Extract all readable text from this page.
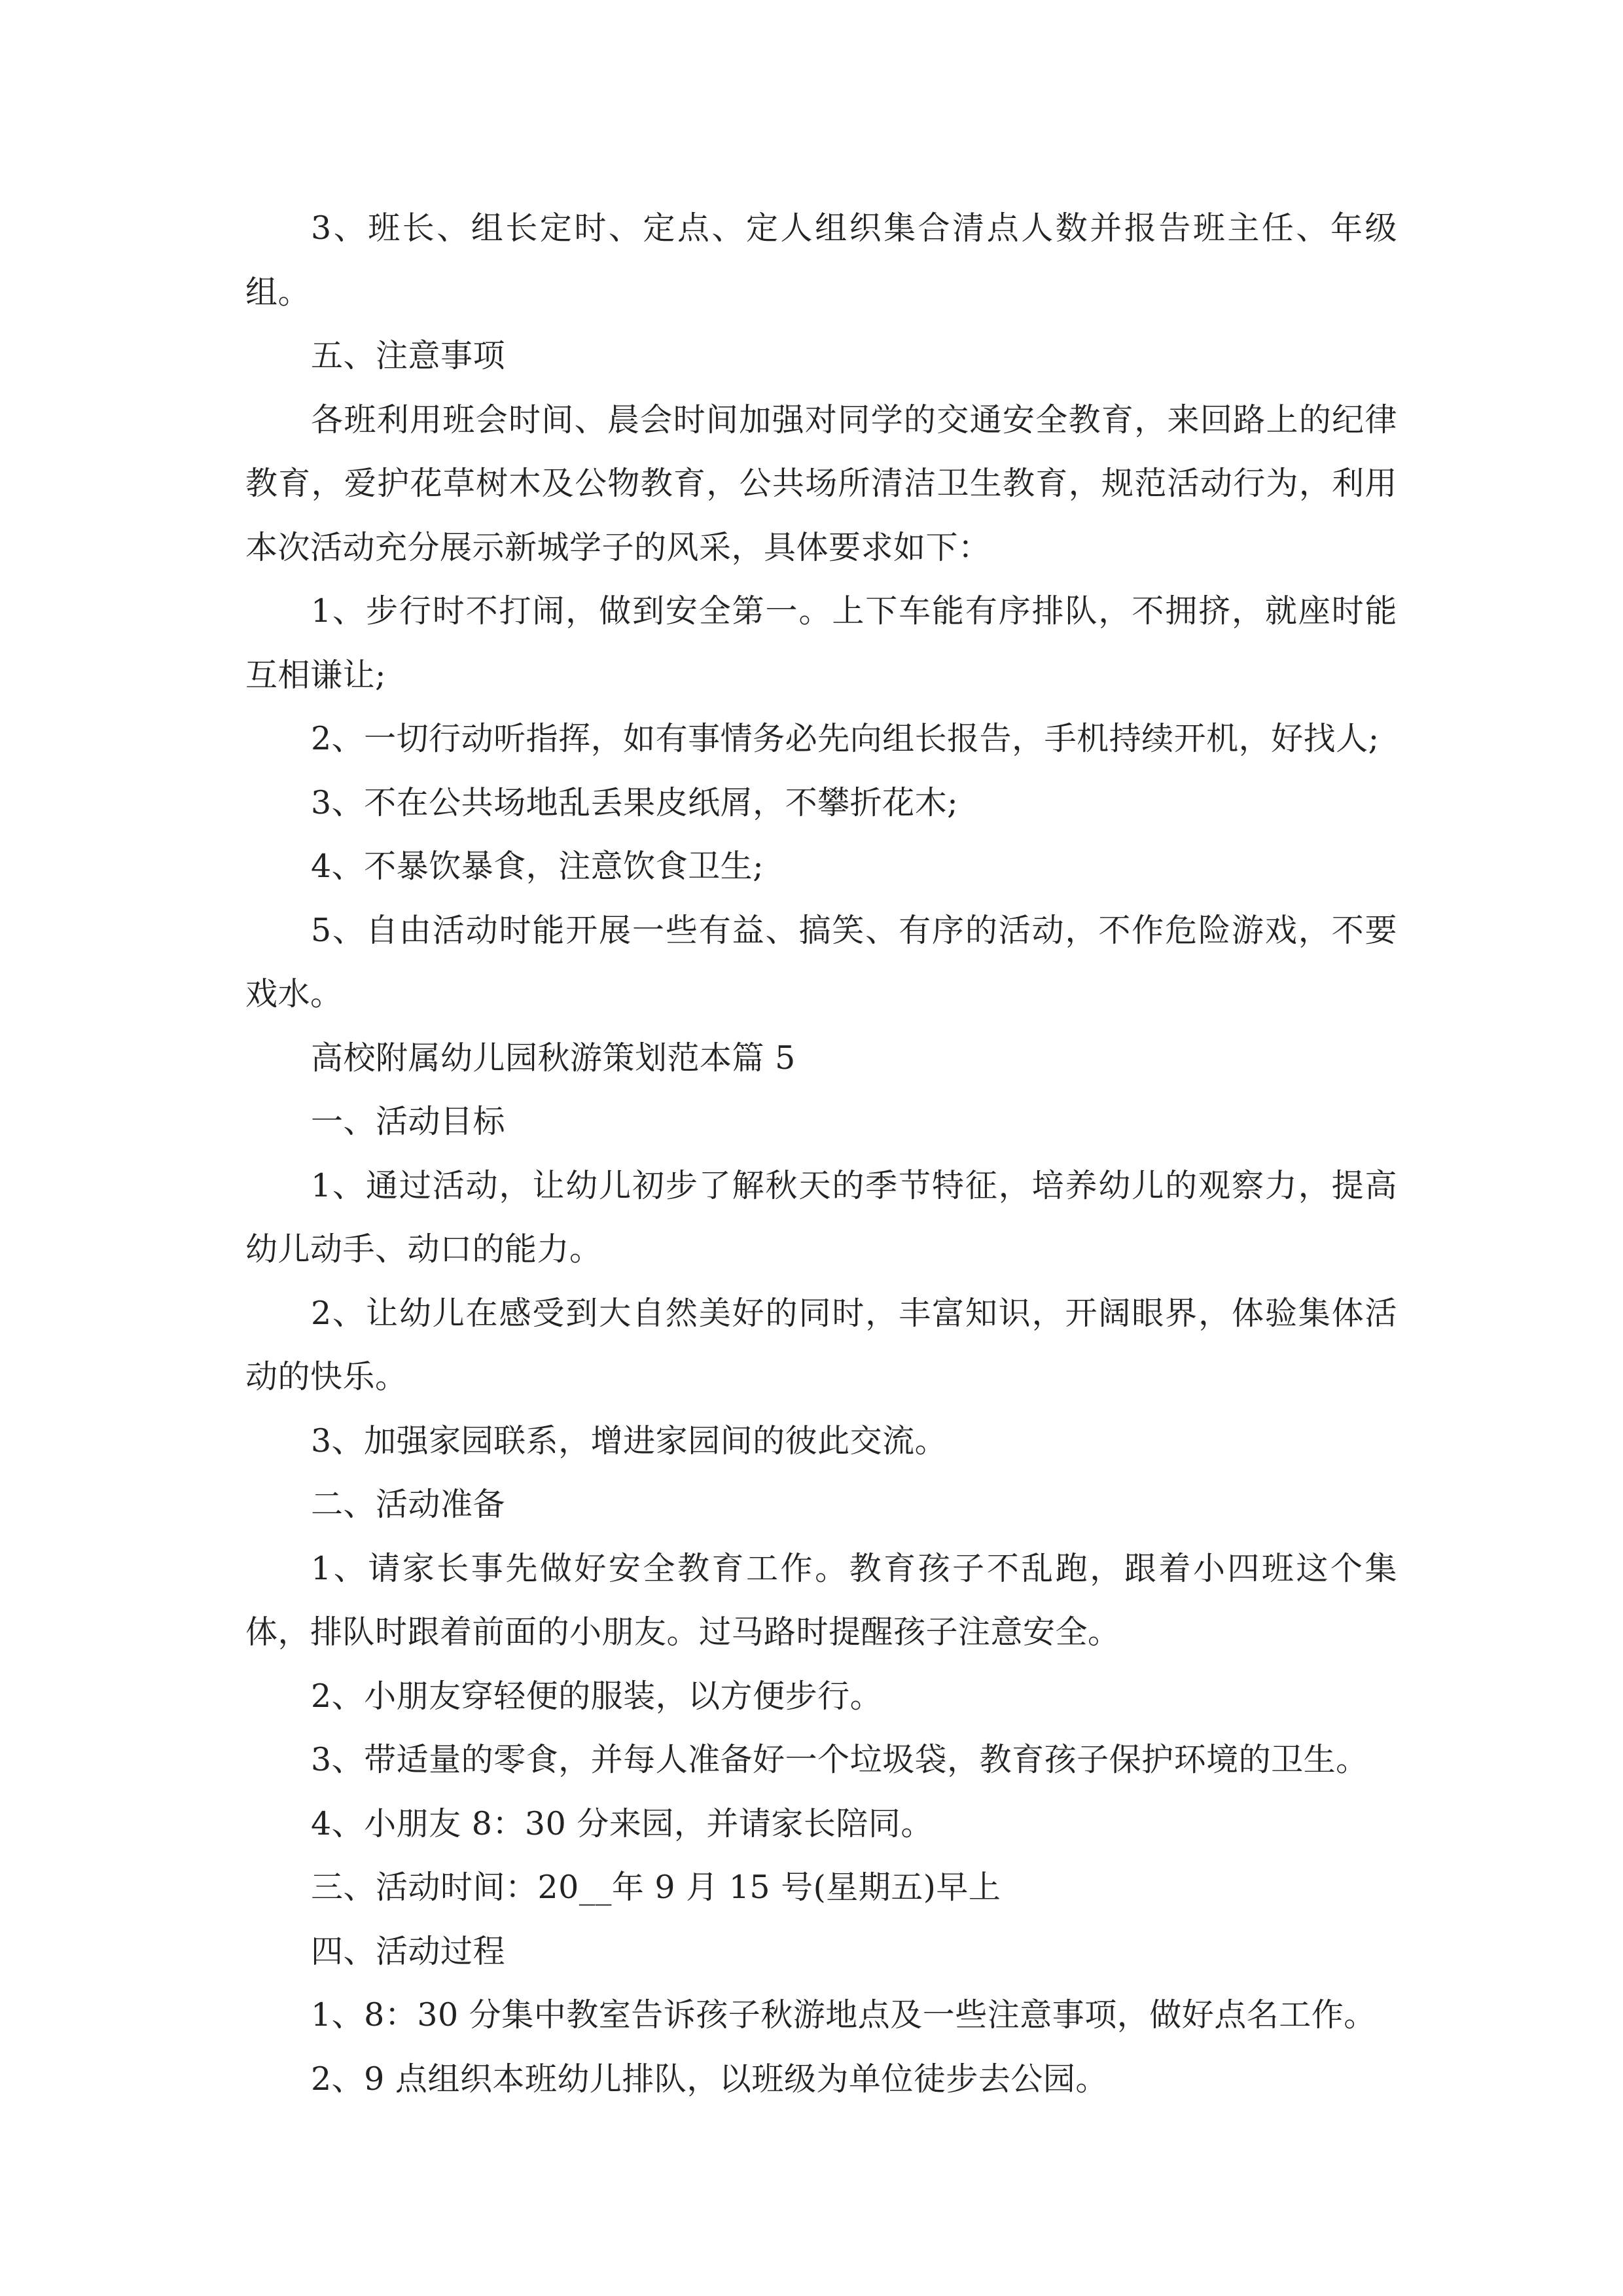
3、班长、组长定时、定点、定人组织集合清点人数并报告班主任、年级组。

五、注意事项

各班利用班会时间、晨会时间加强对同学的交通安全教育，来回路上的纪律教育，爱护花草树木及公物教育，公共场所清洁卫生教育，规范活动行为，利用本次活动充分展示新城学子的风采，具体要求如下：

1、步行时不打闹，做到安全第一。上下车能有序排队，不拥挤，就座时能互相谦让;

2、一切行动听指挥，如有事情务必先向组长报告，手机持续开机，好找人;

3、不在公共场地乱丢果皮纸屑，不攀折花木;

4、不暴饮暴食，注意饮食卫生;

5、自由活动时能开展一些有益、搞笑、有序的活动，不作危险游戏，不要戏水。

高校附属幼儿园秋游策划范本篇 5

一、活动目标

1、通过活动，让幼儿初步了解秋天的季节特征，培养幼儿的观察力，提高幼儿动手、动口的能力。

2、让幼儿在感受到大自然美好的同时，丰富知识，开阔眼界，体验集体活动的快乐。

3、加强家园联系，增进家园间的彼此交流。

二、活动准备

1、请家长事先做好安全教育工作。教育孩子不乱跑，跟着小四班这个集体，排队时跟着前面的小朋友。过马路时提醒孩子注意安全。

2、小朋友穿轻便的服装，以方便步行。

3、带适量的零食，并每人准备好一个垃圾袋，教育孩子保护环境的卫生。

4、小朋友 8：30 分来园，并请家长陪同。

三、活动时间：20__年 9 月 15 号(星期五)早上

四、活动过程

1、8：30 分集中教室告诉孩子秋游地点及一些注意事项，做好点名工作。

2、9 点组织本班幼儿排队，以班级为单位徒步去公园。
